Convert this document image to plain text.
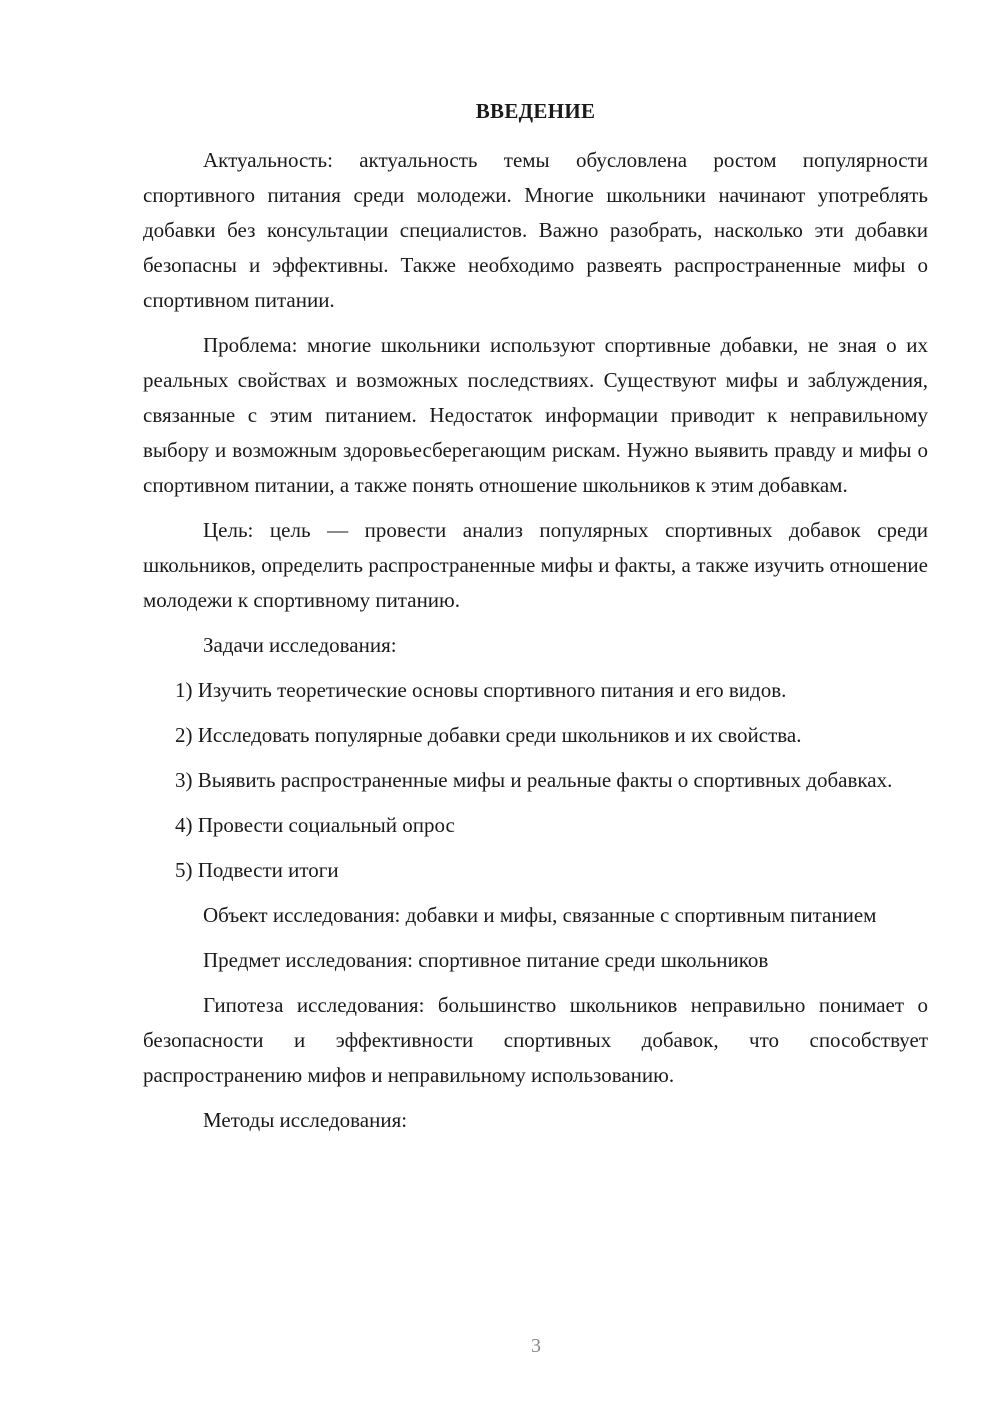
ВВЕДЕНИЕ

Актуальность: актуальность темы обусловлена ростом популярности спортивного питания среди молодежи. Многие школьники начинают употреблять добавки без консультации специалистов. Важно разобрать, насколько эти добавки безопасны и эффективны. Также необходимо развеять распространенные мифы о спортивном питании.

Проблема: многие школьники используют спортивные добавки, не зная о их реальных свойствах и возможных последствиях. Существуют мифы и заблуждения, связанные с этим питанием. Недостаток информации приводит к неправильному выбору и возможным здоровьесберегающим рискам. Нужно выявить правду и мифы о спортивном питании, а также понять отношение школьников к этим добавкам.

Цель: цель — провести анализ популярных спортивных добавок среди школьников, определить распространенные мифы и факты, а также изучить отношение молодежи к спортивному питанию.

Задачи исследования:

1) Изучить теоретические основы спортивного питания и его видов.

2) Исследовать популярные добавки среди школьников и их свойства.

3) Выявить распространенные мифы и реальные факты о спортивных добавках.

4) Провести социальный опрос

5) Подвести итоги

Объект исследования: добавки и мифы, связанные с спортивным питанием

Предмет исследования: спортивное питание среди школьников

Гипотеза исследования: большинство школьников неправильно понимает о безопасности и эффективности спортивных добавок, что способствует распространению мифов и неправильному использованию.

Методы исследования:

3
